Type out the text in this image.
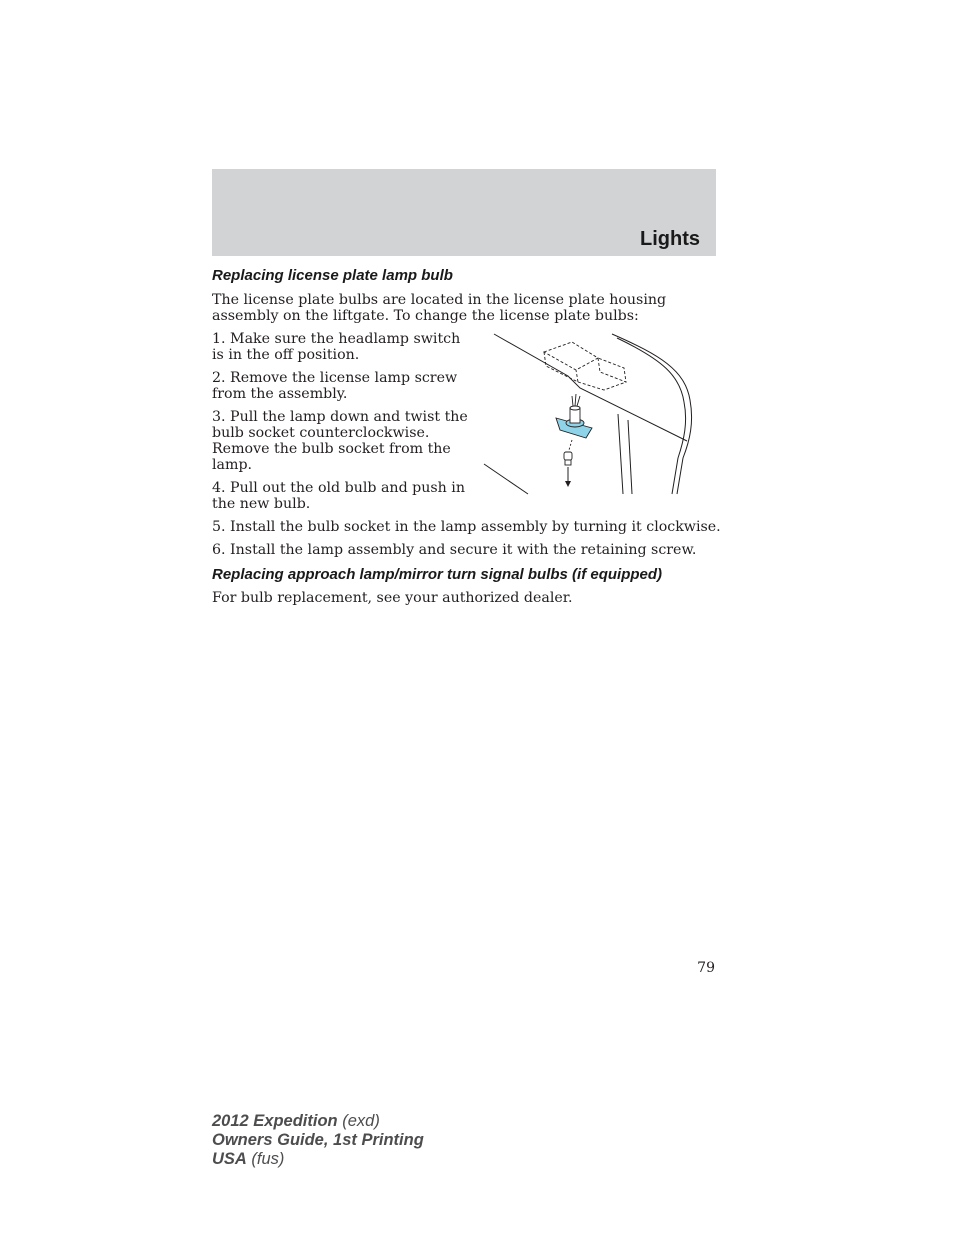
Lights
Replacing license plate lamp bulb

The license plate bulbs are located in the license plate housing assembly on the liftgate. To change the license plate bulbs:

1. Make sure the headlamp switch is in the off position.

2. Remove the license lamp screw from the assembly.

3. Pull the lamp down and twist the bulb socket counterclockwise. Remove the bulb socket from the lamp.

4. Pull out the old bulb and push in the new bulb.

5. Install the bulb socket in the lamp assembly by turning it clockwise.

6. Install the lamp assembly and secure it with the retaining screw.

Replacing approach lamp/mirror turn signal bulbs (if equipped)

For bulb replacement, see your authorized dealer.

79
2012 Expedition (exd)
Owners Guide, 1st Printing
USA (fus)
